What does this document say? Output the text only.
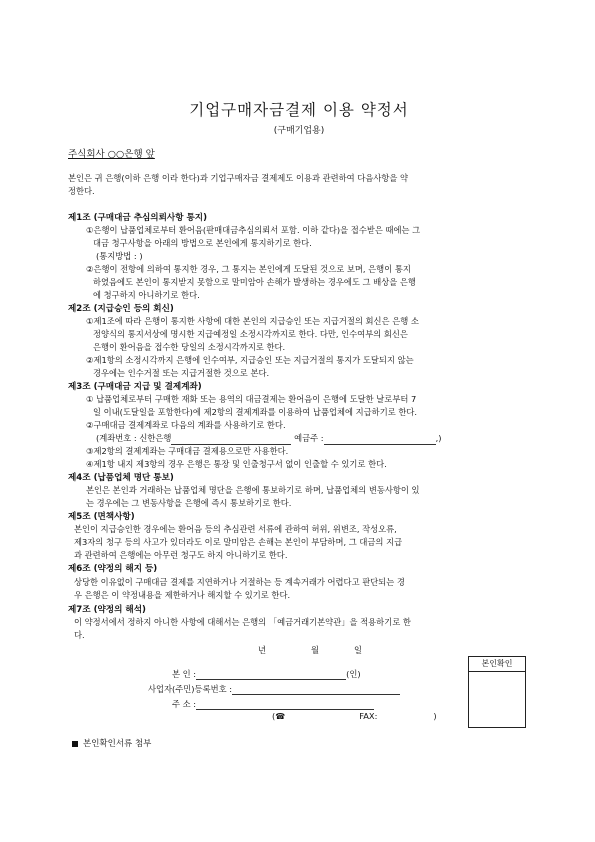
기업구매자금결제 이용 약정서
(구매기업용)
주식회사 ○○은행 앞
본인은 귀 은행(이하 은행 이라 한다)과 기업구매자금 결제제도 이용과 관련하여 다음사항을 약
정한다.
제1조 (구매대금 추심의뢰사항 통지)
①은행이 납품업체로부터 환어음(판매대금추심의뢰서 포함. 이하 같다)을 접수받은 때에는 그
대금 청구사항을 아래의 방법으로 본인에게 통지하기로 한다.
(통지방법 : )
②은행이 전항에 의하여 통지한 경우, 그 통지는 본인에게 도달된 것으로 보며, 은행이 통지
하였음에도 본인이 통지받지 못함으로 말미암아 손해가 발생하는 경우에도 그 배상을 은행
에 청구하지 아니하기로 한다.
제2조 (지급승인 등의 회신)
①제1조에 따라 은행이 통지한 사항에 대한 본인의 지급승인 또는 지급거절의 회신은 은행 소
정양식의 통지서상에 명시한 지급예정일 소정시각까지로 한다. 다만, 인수여부의 회신은
은행이 환어음을 접수한 당일의 소정시각까지로 한다.
②제1항의 소정시각까지 은행에 인수여부, 지급승인 또는 지급거절의 통지가 도달되지 않는
경우에는 인수거절 또는 지급거절한 것으로 본다.
제3조 (구매대금 지급 및 결제계좌)
① 납품업체로부터 구매한 재화 또는 용역의 대금결제는 환어음이 은행에 도달한 날로부터 7
일 이내(도달일을 포함한다)에 제2항의 결제계좌를 이용하여 납품업체에 지급하기로 한다.
②구매대금 결제계좌로 다음의 계좌를 사용하기로 한다.
(계좌번호 : 신한은행	예금주 :	,)
③제2항의 결제계좌는 구매대금 결제용으로만 사용한다.
④제1항 내지 제3항의 경우 은행은 통장 및 인출청구서 없이 인출할 수 있기로 한다.
제4조 (납품업체 명단 통보)
본인은 본인과 거래하는 납품업체 명단을 은행에 통보하기로 하며, 납품업체의 변동사항이 있
는 경우에는 그 변동사항을 은행에 즉시 통보하기로 한다.
제5조 (면책사항)
본인이 지급승인한 경우에는 환어음 등의 추심관련 서류에 관하여 허위, 위변조, 작성오류,
제3자의 청구 등의 사고가 있더라도 이로 말미암은 손해는 본인이 부담하며, 그 대금의 지급
과 관련하여 은행에는 아무런 청구도 하지 아니하기로 한다.
제6조 (약정의 해지 등)
상당한 이유없이 구매대금 결제를 지연하거나 거절하는 등 계속거래가 어렵다고 판단되는 경
우 은행은 이 약정내용을 제한하거나 해지할 수 있기로 한다.
제7조 (약정의 해석)
이 약정서에서 정하지 아니한 사항에 대해서는 은행의 「예금거래기본약관」을 적용하기로 한
다.
년	월	일
본 인 :	(인)
사업자(주민)등록번호 :
주 소 :
(☎	FAX:	)
본인확인
본인확인서류 첨부
